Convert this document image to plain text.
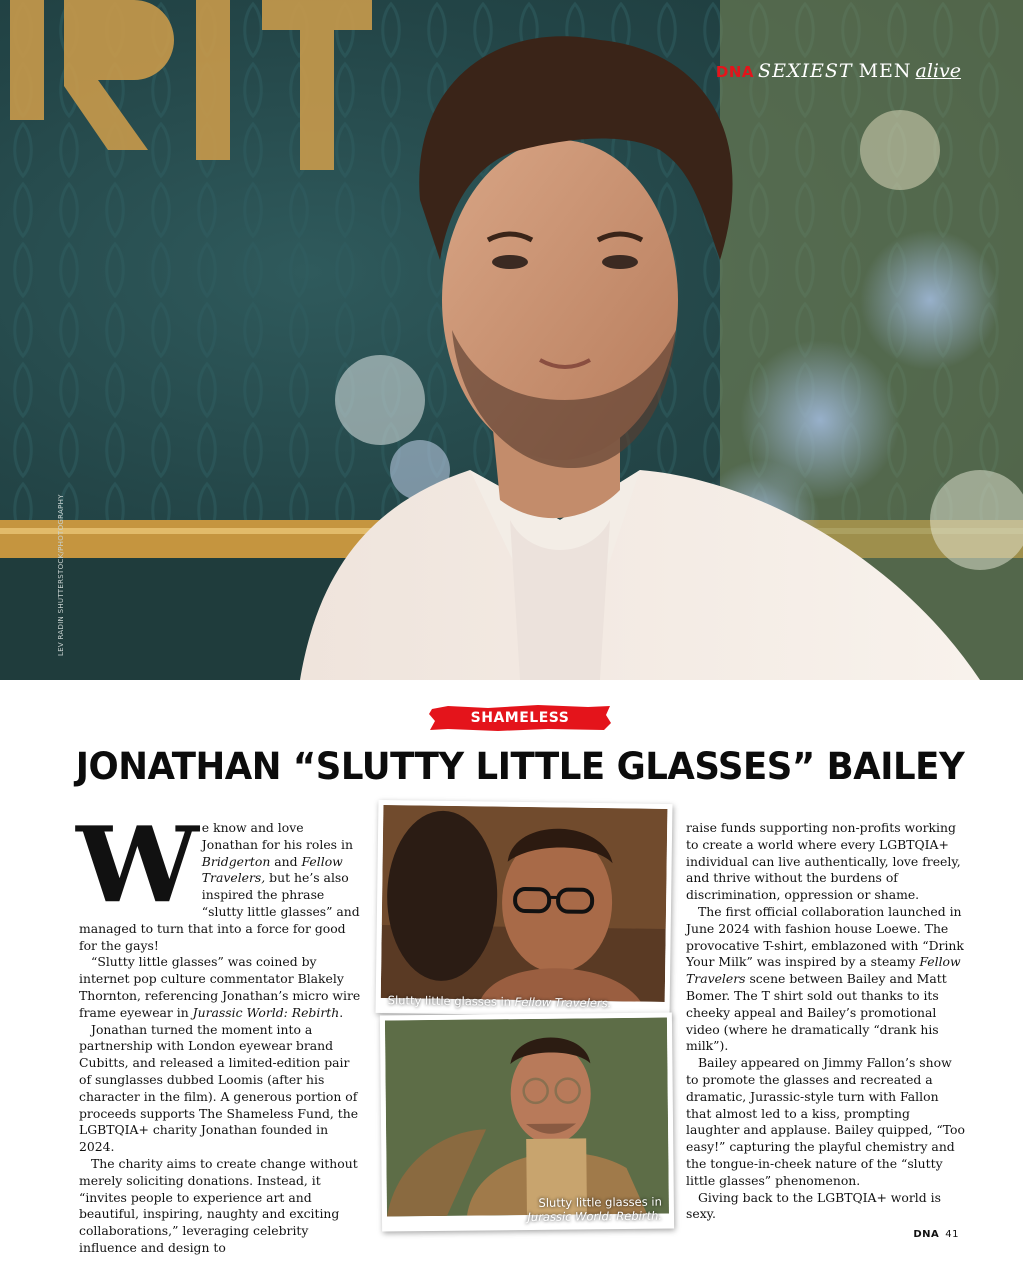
DNA SEXIEST MEN alive
LEV RADIN SHUTTERSTOCK/PHOTOGRAPHY
SHAMELESS
JONATHAN “SLUTTY LITTLE GLASSES” BAILEY

We know and love Jonathan for his roles in Bridgerton and Fellow Travelers, but he’s also inspired the phrase “slutty little glasses” and managed to turn that into a force for good for the gays!

“Slutty little glasses” was coined by internet pop culture commentator Blakely Thornton, referencing Jonathan’s micro wire frame eyewear in Jurassic World: Rebirth.

Jonathan turned the moment into a partnership with London eyewear brand Cubitts, and released a limited-edition pair of sunglasses dubbed Loomis (after his character in the film). A generous portion of proceeds supports The Shameless Fund, the LGBTQIA+ charity Jonathan founded in 2024.

The charity aims to create change without merely soliciting donations. Instead, it “invites people to experience art and beautiful, inspiring, naughty and exciting collaborations,” leveraging celebrity influence and design to

Slutty little glasses in Fellow Travelers.
Slutty little glasses in
Jurassic World: Rebirth.

raise funds supporting non-profits working to create a world where every LGBTQIA+ individual can live authentically, love freely, and thrive without the burdens of discrimination, oppression or shame.

The first official collaboration launched in June 2024 with fashion house Loewe. The provocative T-shirt, emblazoned with “Drink Your Milk” was inspired by a steamy Fellow Travelers scene between Bailey and Matt Bomer. The T shirt sold out thanks to its cheeky appeal and Bailey’s promotional video (where he dramatically “drank his milk”).

Bailey appeared on Jimmy Fallon’s show to promote the glasses and recreated a dramatic, Jurassic-style turn with Fallon that almost led to a kiss, prompting laughter and applause. Bailey quipped, “Too easy!” capturing the playful chemistry and the tongue-in-cheek nature of the “slutty little glasses” phenomenon.

Giving back to the LGBTQIA+ world is sexy.

DNA 41
